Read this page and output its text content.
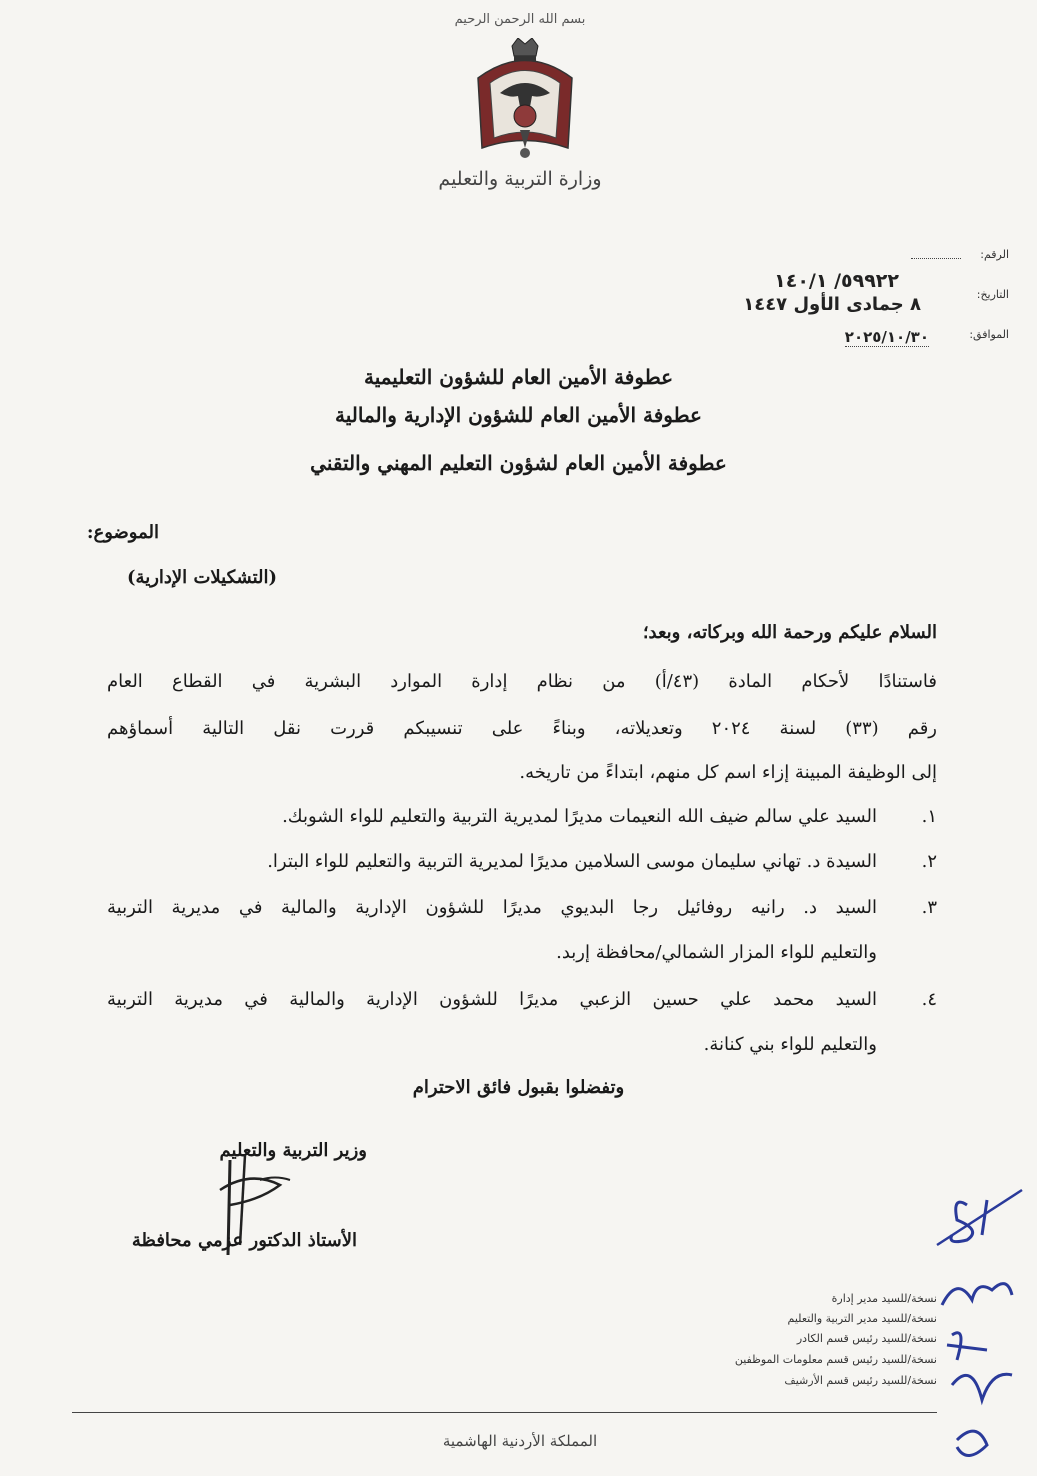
بسم الله الرحمن الرحيم
وزارة التربية والتعليم
الرقم:
٥٩٩٢٢/ ١٤٠/١
التاريخ:
٨ جمادى الأول ١٤٤٧
الموافق:
٢٠٢٥/١٠/٣٠
عطوفة الأمين العام للشؤون التعليمية
عطوفة الأمين العام للشؤون الإدارية والمالية
عطوفة الأمين العام لشؤون التعليم المهني والتقني
الموضوع:
(التشكيلات الإدارية)
السلام عليكم ورحمة الله وبركاته، وبعد؛
فاستنادًا لأحكام المادة (٤٣/أ) من نظام إدارة الموارد البشرية في القطاع العام
رقم (٣٣) لسنة ٢٠٢٤ وتعديلاته، وبناءً على تنسيبكم قررت نقل التالية أسماؤهم
إلى الوظيفة المبينة إزاء اسم كل منهم، ابتداءً من تاريخه.
١.
السيد علي سالم ضيف الله النعيمات مديرًا لمديرية التربية والتعليم للواء الشوبك.
٢.
السيدة د. تهاني سليمان موسى السلامين مديرًا لمديرية التربية والتعليم للواء البترا.
٣.
السيد د. رانيه روفائيل رجا البديوي مديرًا للشؤون الإدارية والمالية في مديرية التربية
والتعليم للواء المزار الشمالي/محافظة إربد.
٤.
السيد محمد علي حسين الزعبي مديرًا للشؤون الإدارية والمالية في مديرية التربية
والتعليم للواء بني كنانة.
وتفضلوا بقبول فائق الاحترام
وزير التربية والتعليم
الأستاذ الدكتور عزمي محافظة
نسخة/للسيد مدير إدارة
نسخة/للسيد مدير التربية والتعليم
نسخة/للسيد رئيس قسم الكادر
نسخة/للسيد رئيس قسم معلومات الموظفين
نسخة/للسيد رئيس قسم الأرشيف
المملكة الأردنية الهاشمية
